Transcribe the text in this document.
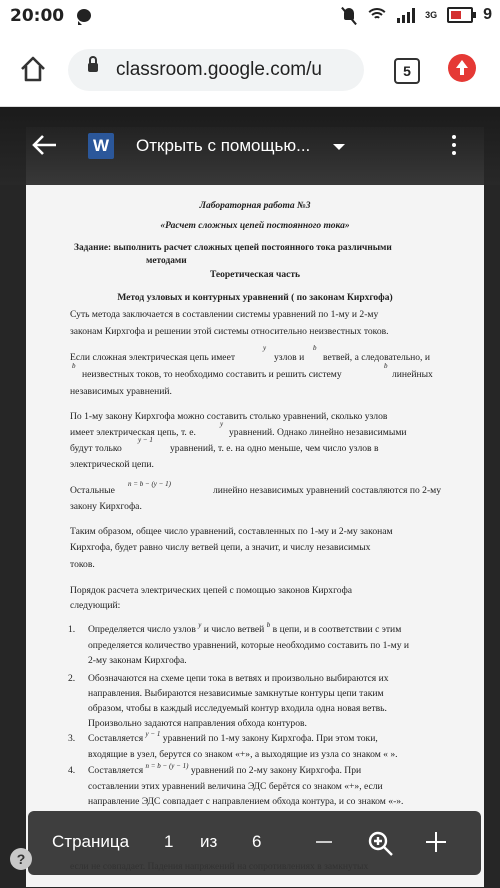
20:00	3G	9
classroom.google.com/u	5
Лабораторная работа №3
«Расчет сложных цепей постоянного тока»
Задание: выполнить расчет сложных цепей постоянного тока различными
методами
Теоретическая часть
Метод узловых и контурных уравнений ( по законам Кирхгофа)
Суть метода заключается в составлении системы уравнений по 1-му и 2-му
законам Кирхгофа и решении этой системы относительно неизвестных токов.
Если сложная электрическая цепь имеет
y
узлов и
b
ветвей, а следовательно, и
b
неизвестных токов, то необходимо составить и решить систему
b
линейных
независимых уравнений.
По 1-му закону Кирхгофа можно составить столько уравнений, сколько узлов
имеет электрическая цепь, т. е.
y
уравнений. Однако линейно независимыми
будут только
y − 1
уравнений, т. е. на одно меньше, чем число узлов в
электрической цепи.
Остальные
n = b − (y − 1)
линейно независимых уравнений составляются по 2-му
закону Кирхгофа.
Таким образом, общее число уравнений, составленных по 1-му и 2-му законам
Кирхгофа, будет равно числу ветвей цепи, а значит, и числу независимых
токов.
Порядок расчета электрических цепей с помощью законов Кирхгофа
следующий:
1. Определяется число узлов $^y$ и число ветвей $^b$ в цепи, и в соответствии с этим
определяется количество уравнений, которые необходимо составить по 1-му и
2-му законам Кирхгофа.
2. Обозначаются на схеме цепи тока в ветвях и произвольно выбираются их
направления. Выбираются независимые замкнутые контуры цепи таким
образом, чтобы в каждый исследуемый контур входила одна новая ветвь.
Произвольно задаются направления обхода контуров.
3. Составляется $^{y - 1}$ уравнений по 1-му закону Кирхгофа. При этом токи,
входящие в узел, берутся со знаком «+», а выходящие из узла со знаком « ».
4. Составляется $^{n = b - (y - 1)}$ уравнений по 2-му закону Кирхгофа. При
составлении этих уравнений величина ЭДС берётся со знаком «+», если
направление ЭДС совпадает с направлением обхода контура, и со знаком «-».
W Открыть с помощью...
Страница 1 из 6
?
